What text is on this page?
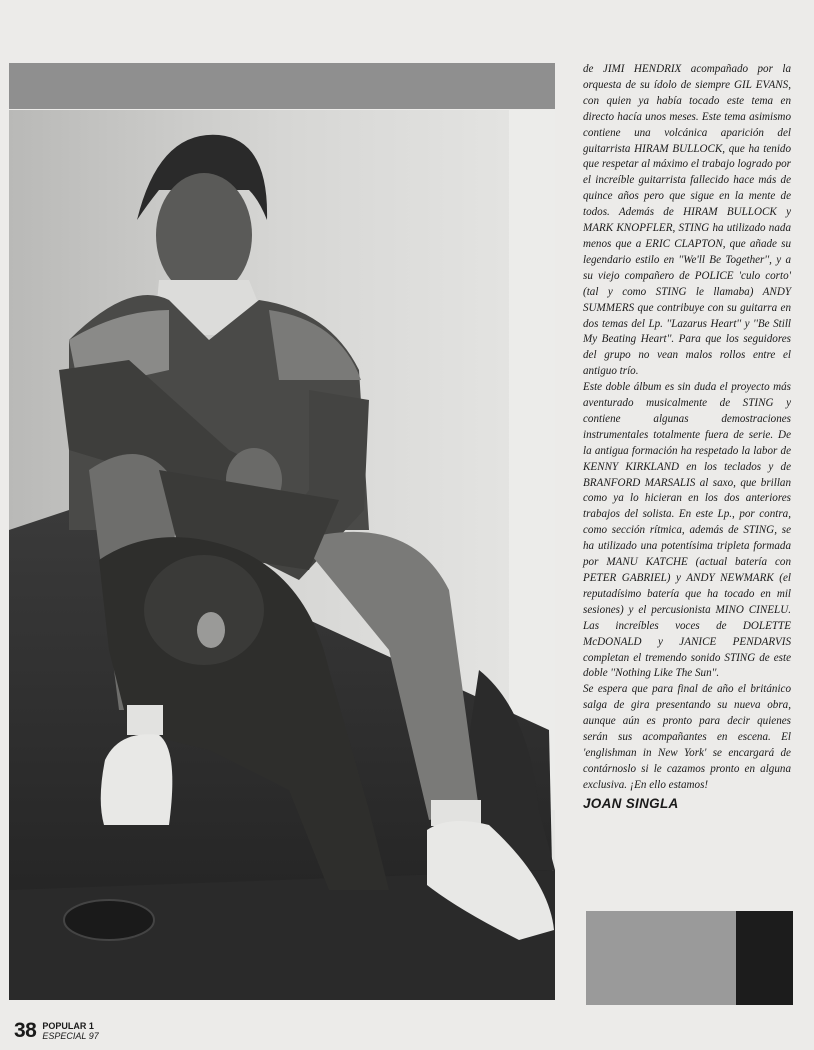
de JIMI HENDRIX acompañado por la orquesta de su ídolo de siempre GIL EVANS, con quien ya había tocado este tema en directo hacía unos meses. Este tema asimismo contiene una volcánica aparición del guitarrista HIRAM BULLOCK, que ha tenido que respetar al máximo el trabajo logrado por el increíble guitarrista fallecido hace más de quince años pero que sigue en la mente de todos. Además de HIRAM BULLOCK y MARK KNOPFLER, STING ha utilizado nada menos que a ERIC CLAPTON, que añade su legendario estilo en ''We'll Be Together'', y a su viejo compañero de POLICE 'culo corto' (tal y como STING le llamaba) ANDY SUMMERS que contribuye con su guitarra en dos temas del Lp. ''Lazarus Heart'' y ''Be Still My Beating Heart''. Para que los seguidores del grupo no vean malos rollos entre el antiguo trío.

Este doble álbum es sin duda el proyecto más aventurado musicalmente de STING y contiene algunas demostraciones instrumentales totalmente fuera de serie. De la antigua formación ha respetado la labor de KENNY KIRKLAND en los teclados y de BRANFORD MARSALIS al saxo, que brillan como ya lo hicieran en los dos anteriores trabajos del solista. En este Lp., por contra, como sección rítmica, además de STING, se ha utilizado una potentísima tripleta formada por MANU KATCHE (actual batería con PETER GABRIEL) y ANDY NEWMARK (el reputadísimo batería que ha tocado en mil sesiones) y el percusionista MINO CINELU. Las increíbles voces de DOLETTE McDONALD y JANICE PENDARVIS completan el tremendo sonido STING de este doble ''Nothing Like The Sun''.

Se espera que para final de año el británico salga de gira presentando su nueva obra, aunque aún es pronto para decir quienes serán sus acompañantes en escena. El 'englishman in New York' se encargará de contárnoslo si le cazamos pronto en alguna exclusiva. ¡En ello estamos!

JOAN SINGLA
38 POPULAR 1
ESPECIAL 97
